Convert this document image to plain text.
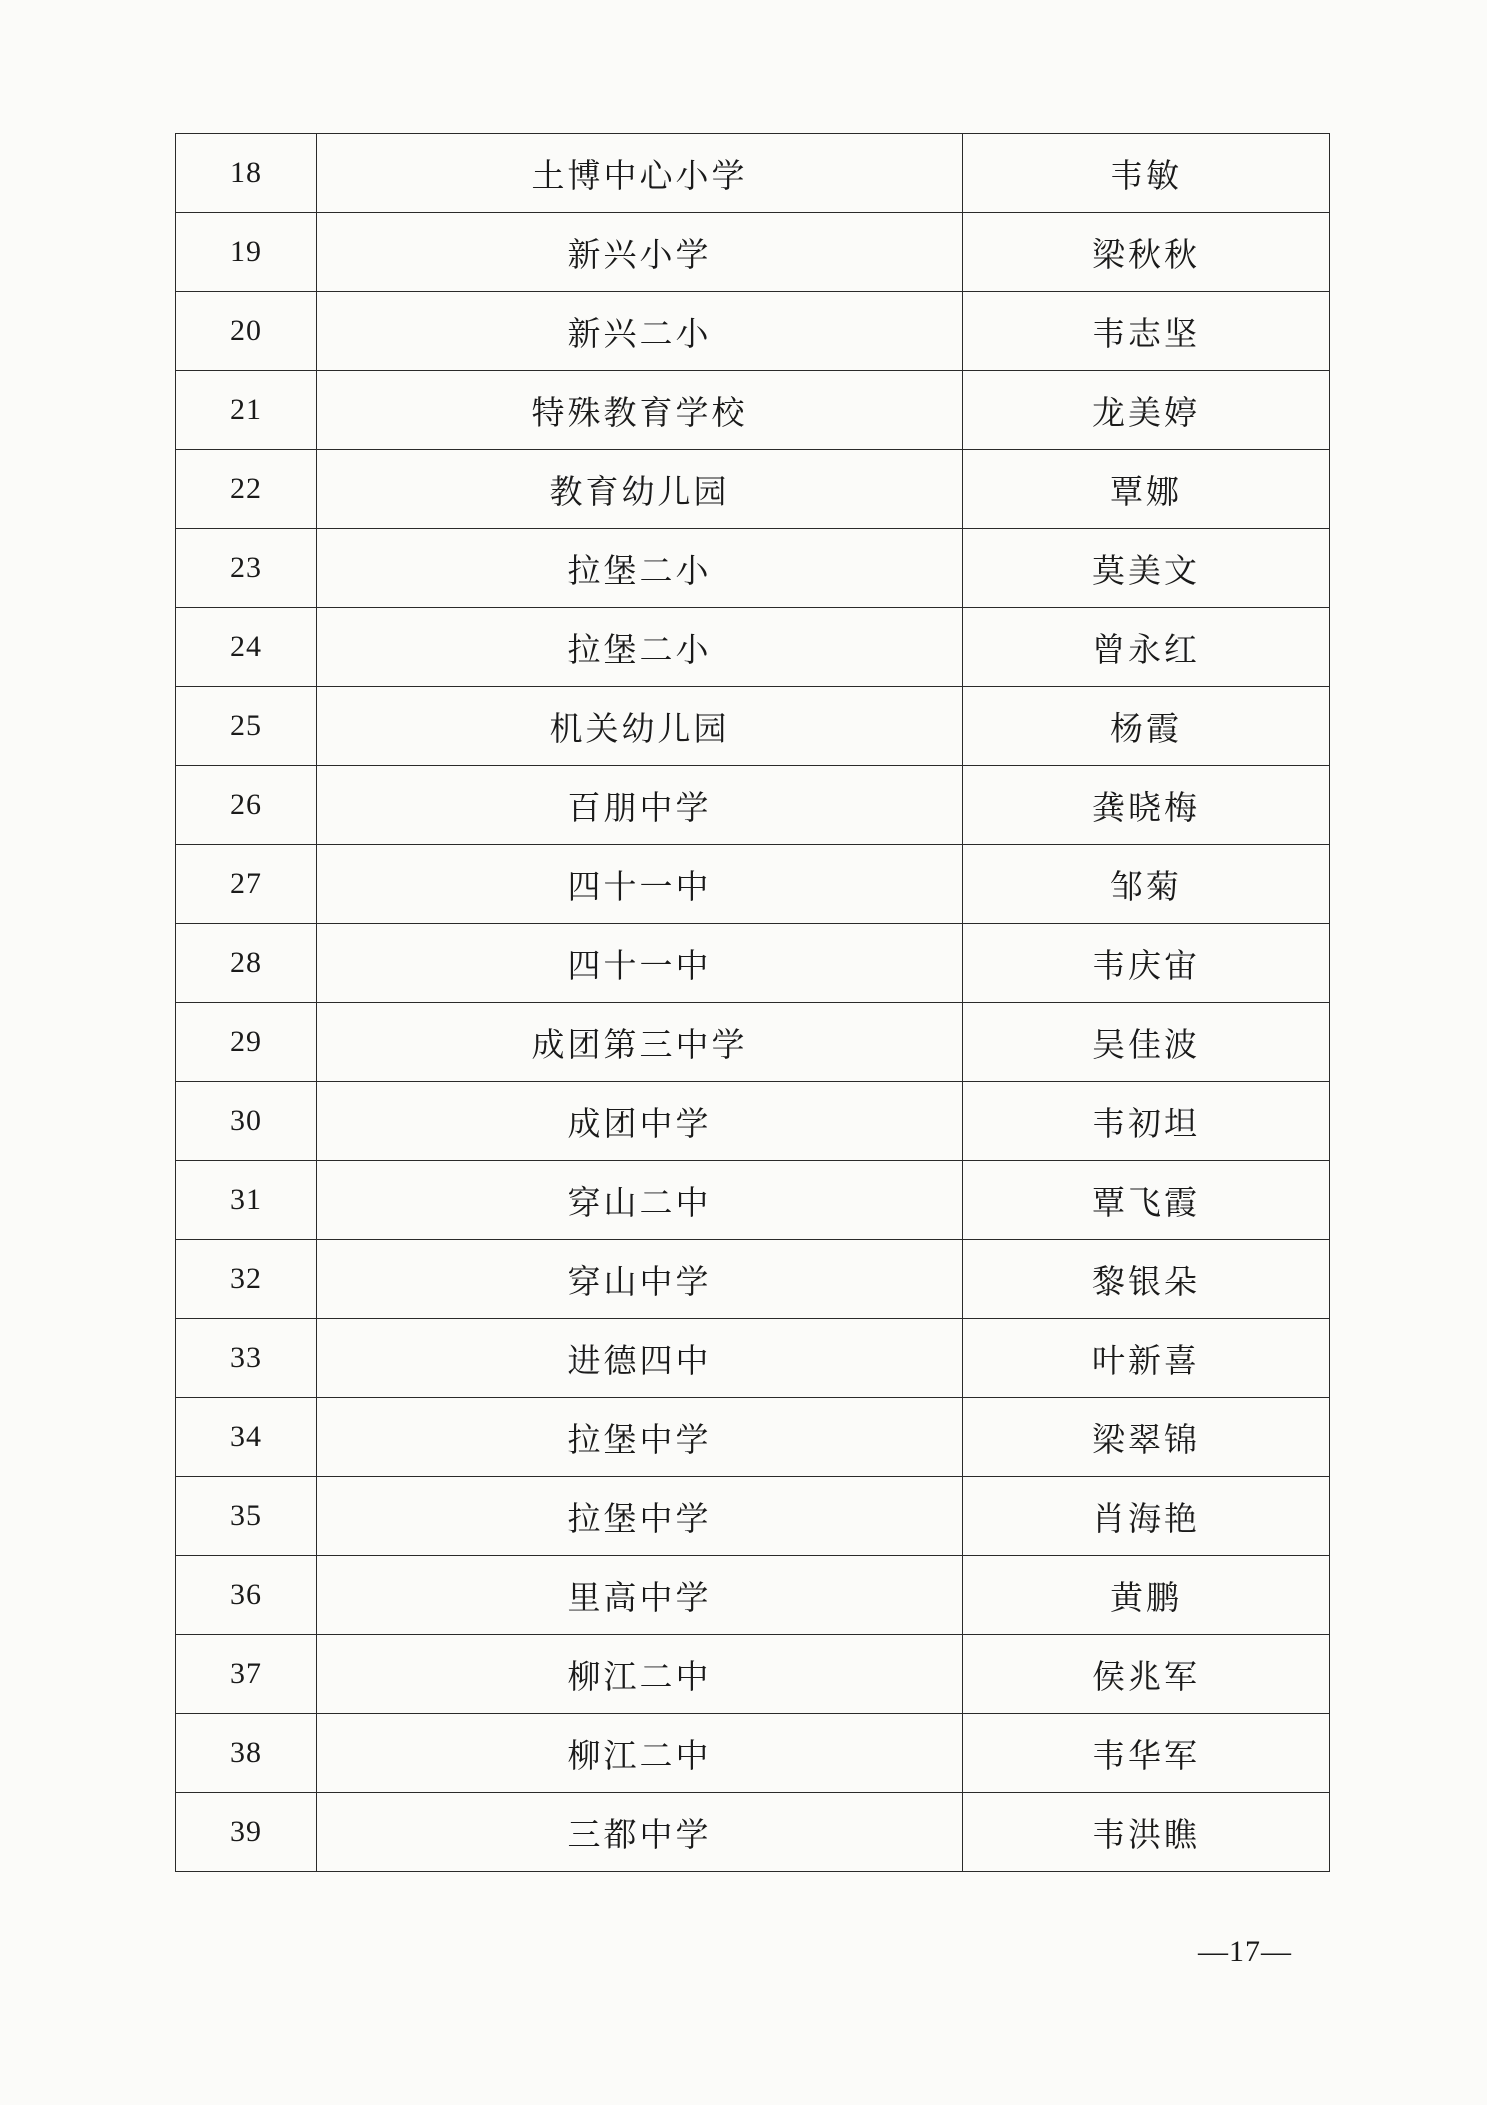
18	土博中心小学	韦敏
19	新兴小学	梁秋秋
20	新兴二小	韦志坚
21	特殊教育学校	龙美婷
22	教育幼儿园	覃娜
23	拉堡二小	莫美文
24	拉堡二小	曾永红
25	机关幼儿园	杨霞
26	百朋中学	龚晓梅
27	四十一中	邹菊
28	四十一中	韦庆宙
29	成团第三中学	吴佳波
30	成团中学	韦初坦
31	穿山二中	覃飞霞
32	穿山中学	黎银朵
33	进德四中	叶新喜
34	拉堡中学	梁翠锦
35	拉堡中学	肖海艳
36	里高中学	黄鹏
37	柳江二中	侯兆军
38	柳江二中	韦华军
39	三都中学	韦洪瞧
—17—
